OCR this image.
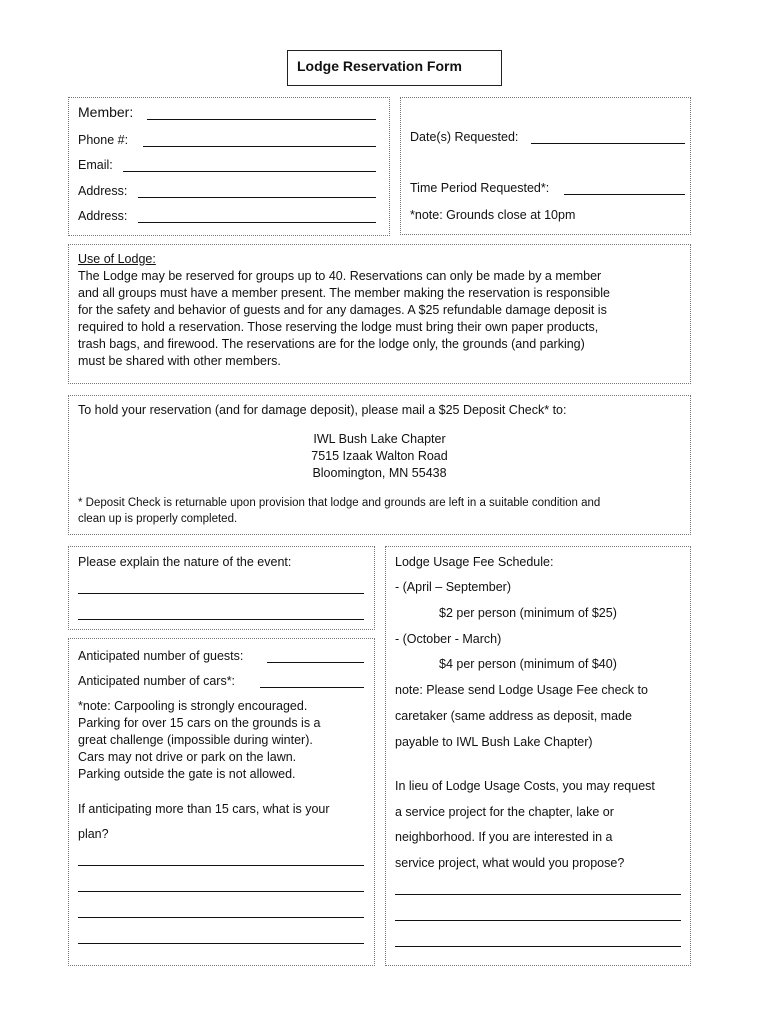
Lodge Reservation Form
Member:
Phone #:
Email:
Address:
Address:
Date(s) Requested:
Time Period Requested*:
*note: Grounds close at 10pm
Use of Lodge:
The Lodge may be reserved for groups up to 40. Reservations can only be made by a member
and all groups must have a member present. The member making the reservation is responsible
for the safety and behavior of guests and for any damages. A $25 refundable damage deposit is
required to hold a reservation. Those reserving the lodge must bring their own paper products,
trash bags, and firewood. The reservations are for the lodge only, the grounds (and parking)
must be shared with other members.
To hold your reservation (and for damage deposit), please mail a $25 Deposit Check* to:
IWL Bush Lake Chapter
7515 Izaak Walton Road
Bloomington, MN 55438
* Deposit Check is returnable upon provision that lodge and grounds are left in a suitable condition and
clean up is properly completed.
Please explain the nature of the event:
Anticipated number of guests:
Anticipated number of cars*:
*note: Carpooling is strongly encouraged.
Parking for over 15 cars on the grounds is a
great challenge (impossible during winter).
Cars may not drive or park on the lawn.
Parking outside the gate is not allowed.
If anticipating more than 15 cars, what is your
plan?
Lodge Usage Fee Schedule:
- (April – September)
$2 per person (minimum of $25)
- (October - March)
$4 per person (minimum of $40)
note: Please send Lodge Usage Fee check to
caretaker (same address as deposit, made
payable to IWL Bush Lake Chapter)
In lieu of Lodge Usage Costs, you may request
a service project for the chapter, lake or
neighborhood. If you are interested in a
service project, what would you propose?
